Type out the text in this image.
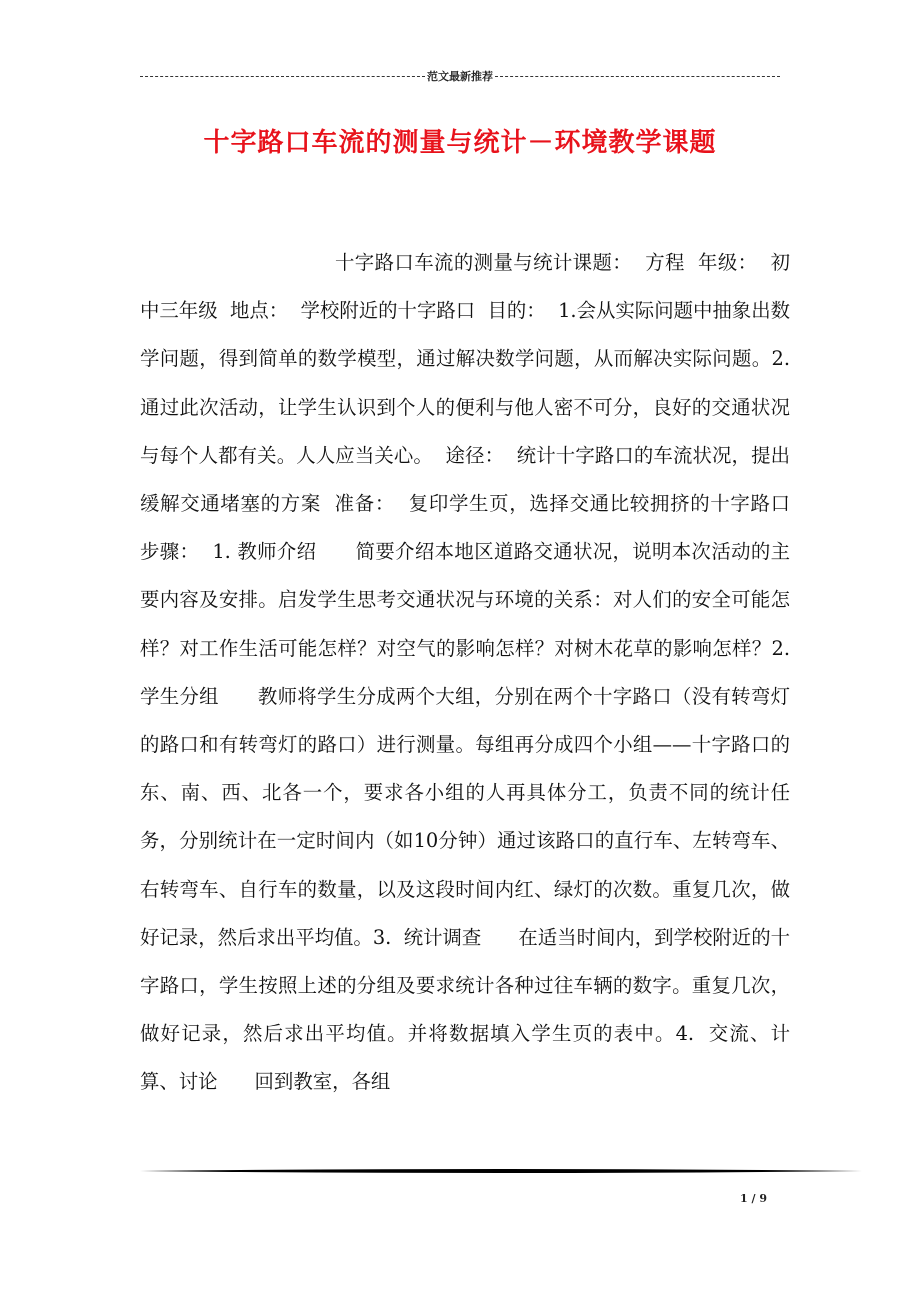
范文最新推荐
十字路口车流的测量与统计－环境教学课题
十字路口车流的测量与统计课题：  方程  年级：  初中三年级  地点：  学校附近的十字路口  目的：  1.会从实际问题中抽象出数学问题，得到简单的数学模型，通过解决数学问题，从而解决实际问题。2.通过此次活动，让学生认识到个人的便利与他人密不可分，良好的交通状况与每个人都有关。人人应当关心。  途径：  统计十字路口的车流状况，提出缓解交通堵塞的方案  准备：  复印学生页，选择交通比较拥挤的十字路口 步骤：  1. 教师介绍      简要介绍本地区道路交通状况，说明本次活动的主要内容及安排。启发学生思考交通状况与环境的关系：对人们的安全可能怎样？对工作生活可能怎样？对空气的影响怎样？对树木花草的影响怎样？2.  学生分组      教师将学生分成两个大组，分别在两个十字路口（没有转弯灯的路口和有转弯灯的路口）进行测量。每组再分成四个小组——十字路口的东、南、西、北各一个，要求各小组的人再具体分工，负责不同的统计任务，分别统计在一定时间内（如10分钟）通过该路口的直行车、左转弯车、右转弯车、自行车的数量，以及这段时间内红、绿灯的次数。重复几次，做好记录，然后求出平均值。3.  统计调查      在适当时间内，到学校附近的十字路口，学生按照上述的分组及要求统计各种过往车辆的数字。重复几次，做好记录，然后求出平均值。并将数据填入学生页的表中。4.  交流、计算、讨论      回到教室，各组
1 / 9
